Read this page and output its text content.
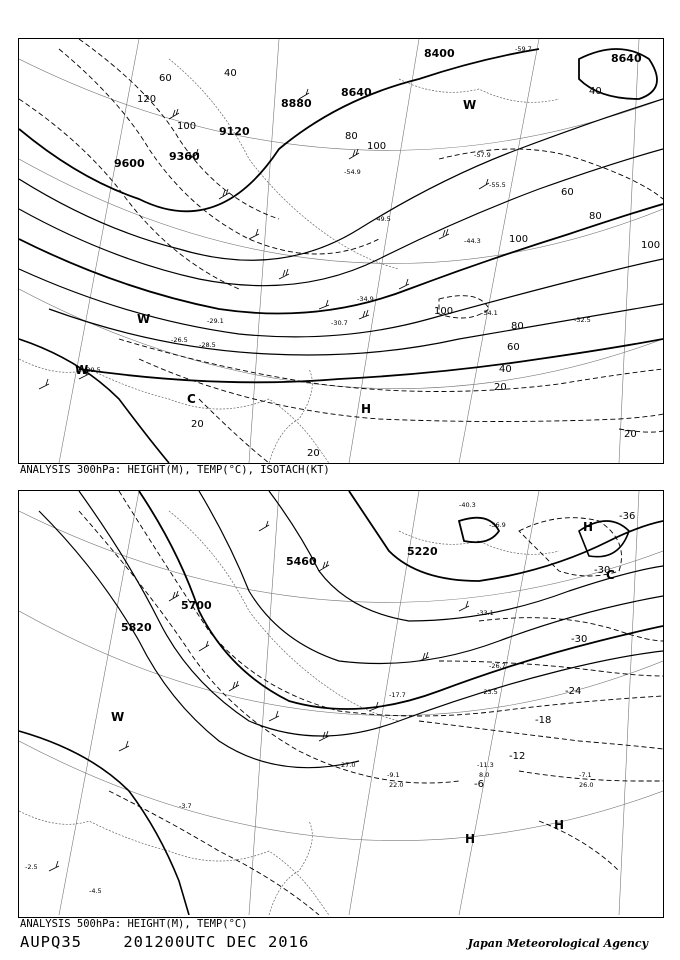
9600
9360
9120
8880
8640
8640
8400
120
100
100
100
100
100
80
80
80
60
60
60
40
40
40
20
20
20
20
-34.1
-32.5
-34.9
-30.7
-29.1
-28.5
-26.5
-29.5
-44.3
-49.5
-54.9
-55.5
-57.9
-59.7
H
W
W
C
W
ANALYSIS 300hPa: HEIGHT(M), TEMP(°C), ISOTACH(KT)
5820
5700
5460
5220
-36
-30
-30
-24
-18
-12
-6
-40.3
-36.9
-33.1
-26.7
-23.5
-17.7
-11.3
-9.1	-7.1
-3.7
-4.5
-2.5
27.0
22.0	26.0
8.0
H
H
H
C
W
ANALYSIS 500hPa: HEIGHT(M), TEMP(°C)
AUPQ35	201200UTC DEC 2016	Japan Meteorological Agency
